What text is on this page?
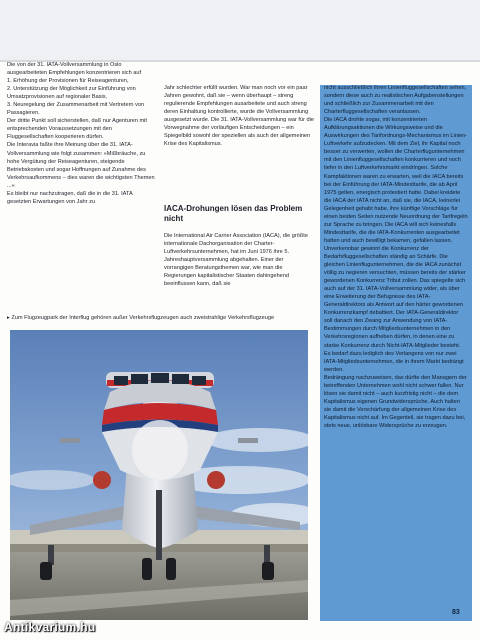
Die von der 31. IATA-Vollversammlung in Oslo ausgearbeiteten Empfehlungen konzentrieren sich auf

1. Erhöhung der Provisionen für Reiseagenturen,

2. Unterstützung der Möglichkeit zur Einführung von Umsatzprovisionen auf regionaler Basis,

3. Neuregelung der Zusammenarbeit mit Vertretern von Passagieren.

Der dritte Punkt soll sicherstellen, daß nur Agenturen mit entsprechenden Voraussetzungen mit den Fluggesellschaften kooperieren dürfen.

Die Interavia faßte ihre Meinung über die 31. IATA-Vollversammlung wie folgt zusammen: »Mißbräuche, zu hohe Vergütung der Reiseagenturen, steigende Betriebskosten und sogar Hoffnungen auf Zunahme des Verkehrsaufkommens – dies waren die wichtigsten Themen ...«

Es bleibt nur nachzutragen, daß die in die 31. IATA gesetzten Erwartungen von Jahr zu

Jahr schlechter erfüllt wurden. War man noch vor ein paar Jahren gewohnt, daß sie – wenn überhaupt – streng regulierende Empfehlungen ausarbeitete und auch streng deren Einhaltung kontrollierte, wurde die Vollversammlung ausgesetzt wurde. Die 31. IATA-Vollversammlung war für die Vorwegnahme der vorläufigen Entscheidungen – ein Spiegelbild sowohl der speziellen als auch der allgemeinen Krise des Kapitalismus.

IACA-Drohungen lösen das Problem nicht

Die International Air Carrier Association (IACA), die größte internationale Dachorganisation der Charter-Luftverkehrsunternehmen, hat im Juni 1976 ihre 5. Jahreshauptversammlung abgehalten. Einer der vorrangigen Beratungsthemen war, wie man die Regierungen kapitalistischer Staaten dahingehend beeinflussen kann, daß sie

nicht ausschließlich ihren Linienfluggesellschaften sehen, sondern diese auch zu realistischen Aufgabenstellungen und schließlich zur Zusammenarbeit mit den Charterfluggesellschaften veranlassen.

Die IACA drohte sogar, mit konzentrierten Aufklärungsaktionen die Wirkungsweise und die Auswirkungen des Tarifordnungs-Mechanismus im Linien-Luftverkehr aufzudecken. Mit dem Ziel, ihr Kapital noch besser zu verwerten, wollen die Charterflugunternehmen mit den Linienfluggesellschaften konkurrieren und noch tiefer in den Luftverkehrsmarkt eindringen. Solche Kampfaktionen waren zu erwarten, weil die IACA bereits bei der Einführung der IATA-Mindesttarife, die ab April 1975 gelten, energisch protestiert hatte. Dabei kreidete die IACA der IATA nicht an, daß sie, die IACA, keinerlei Gelegenheit gehabt habe, ihre künftige Vorschläge für einen beiden Seiten nutzende Neuordnung der Tarifregeln zur Sprache zu bringen. Die IACA will sich keinesfalls Mindesttarife, die die IATA-Konkurrenten ausgearbeitet hatten und auch bewilligt bekamen, gefallen lassen.

Unverkennbar gewinnt die Konkurrenz der Bedarfsfluggesellschaften ständig an Schärfe. Die gleichen Linienflugunternehmen, die die IACA zunächst völlig zu negieren versuchten, müssen bereits der stärker gewordenen Konkurrenz Tribut zollen. Das spiegelte sich auch auf der 31. IATA-Vollversammlung wider, als über eine Erweiterung der Befugnisse des IATA-Generaldirektors als Antwort auf den härter gewordenen Konkurrenzkampf debattiert. Der IATA-Generaldirektor soll danach den Zwang zur Anwendung von IATA-Bestimmungen durch Mitgliedsunternehmen in den Verkehrsregionen aufheben dürfen, in denen eine zu starke Konkurrenz durch Nicht-IATA-Mitglieder besteht. Es bedarf dazu lediglich des Verlangens von nur zwei IATA-Mitgliedsunternehmen, die in ihrem Markt bedrängt werden.

Bedrängung nachzuweisen, das dürfte den Managern der betreffenden Unternehmen wohl nicht schwer fallen. Nur lösen sie damit nicht – auch kurzfristig nicht – die dem Kapitalismus eigenen Grundwidersprüche. Auch halten sie damit die Verschärfung der allgemeinen Krise des Kapitalismus nicht auf. Im Gegenteil, sie tragen dazu bei, stets neue, unlösbare Widersprüche zu erzeugen.

▸ Zum Flugzeugpark der Interflug gehören außer Verkehrsflugzeugen auch zweistrahlige Verkehrsflugzeuge
83
Antikvarium.hu
